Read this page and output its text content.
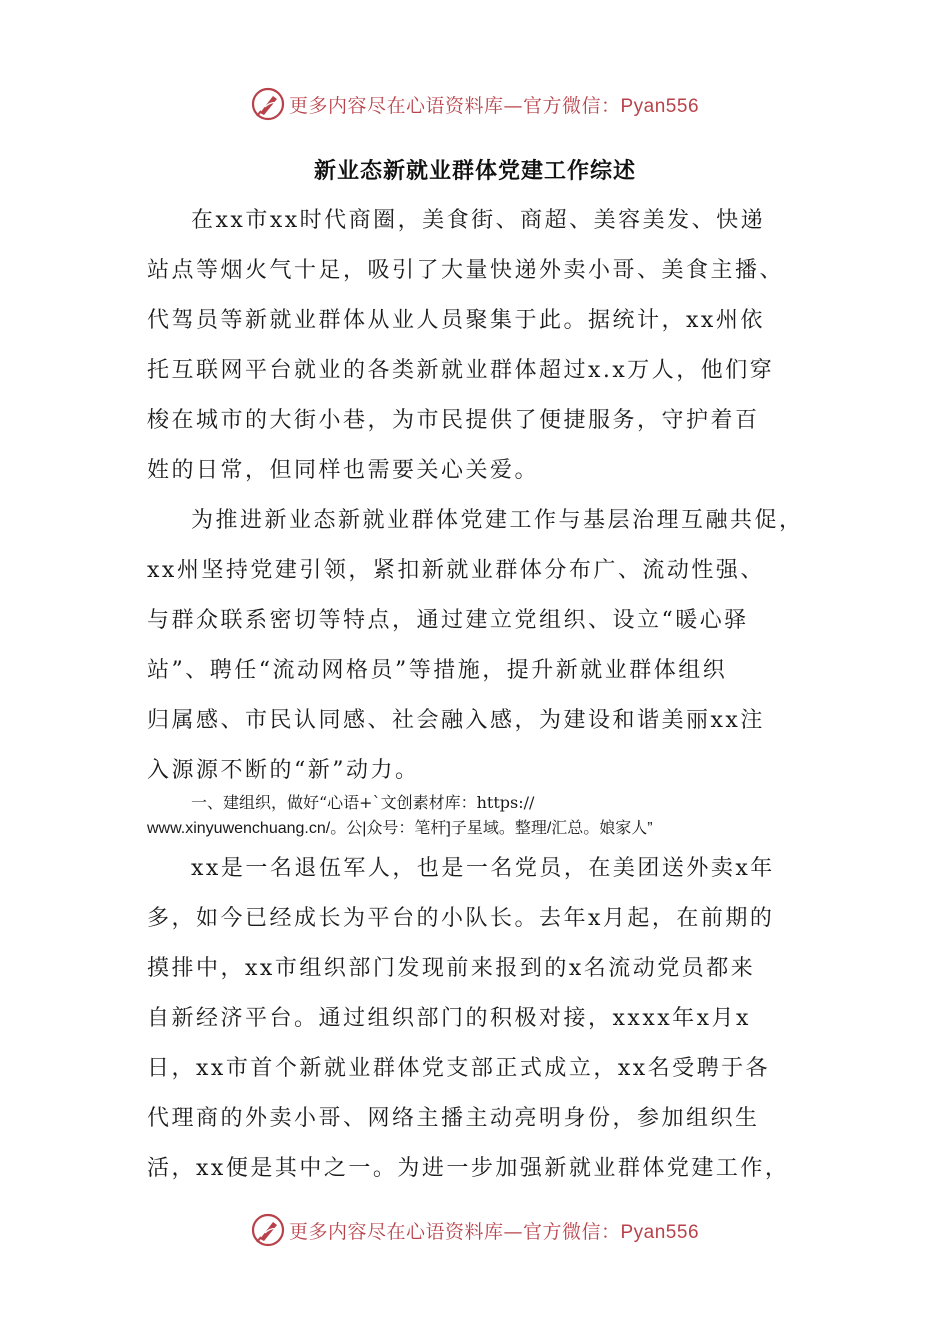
更多内容尽在心语资料库—官方微信：Pyan556
新业态新就业群体党建工作综述
在xx市xx时代商圈，美食街、商超、美容美发、快递
站点等烟火气十足，吸引了大量快递外卖小哥、美食主播、
代驾员等新就业群体从业人员聚集于此。据统计，xx州依
托互联网平台就业的各类新就业群体超过x.x万人，他们穿
梭在城市的大街小巷，为市民提供了便捷服务，守护着百
姓的日常，但同样也需要关心关爱。
为推进新业态新就业群体党建工作与基层治理互融共促，
xx州坚持党建引领，紧扣新就业群体分布广、流动性强、
与群众联系密切等特点，通过建立党组织、设立“暖心驿
站”、聘任“流动网格员”等措施，提升新就业群体组织
归属感、市民认同感、社会融入感，为建设和谐美丽xx注
入源源不断的“新”动力。
一、建组织，做好“心语+`文创素材库：https://
www.xinyuwenchuang.cn/。公|众号：笔杆]子星域。整理/汇总。娘家人”
xx是一名退伍军人，也是一名党员，在美团送外卖x年
多，如今已经成长为平台的小队长。去年x月起，在前期的
摸排中，xx市组织部门发现前来报到的x名流动党员都来
自新经济平台。通过组织部门的积极对接，xxxx年x月x
日，xx市首个新就业群体党支部正式成立，xx名受聘于各
代理商的外卖小哥、网络主播主动亮明身份，参加组织生
活，xx便是其中之一。为进一步加强新就业群体党建工作，
更多内容尽在心语资料库—官方微信：Pyan556
